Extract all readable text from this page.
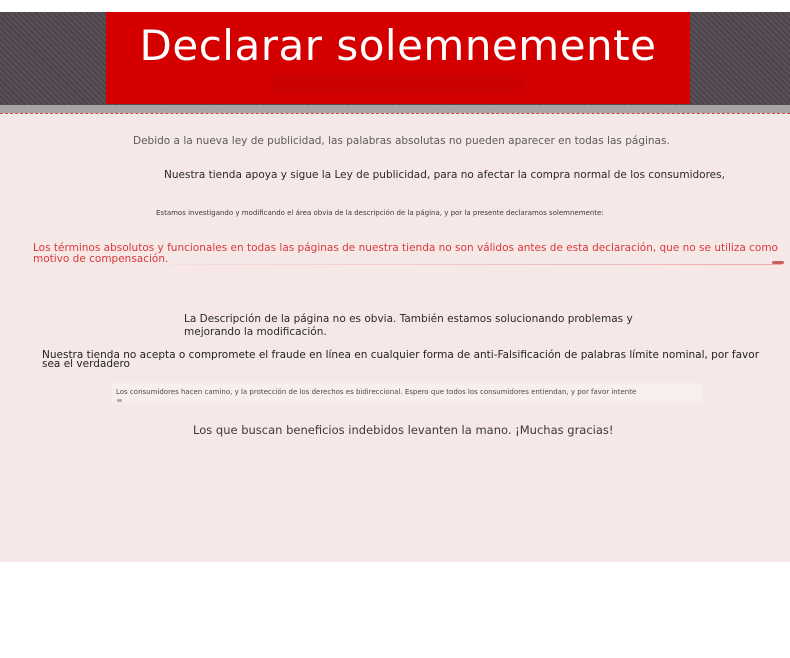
Declarar solemnemente
Debido a la nueva ley de publicidad, las palabras absolutas no pueden aparecer en todas las páginas.
Nuestra tienda apoya y sigue la Ley de publicidad, para no afectar la compra normal de los consumidores,
Estamos investigando y modificando el área obvia de la descripción de la página, y por la presente declaramos solemnemente:
Los términos absolutos y funcionales en todas las páginas de nuestra tienda no son válidos antes de esta declaración, que no se utiliza como motivo de compensación.
La Descripción de la página no es obvia. También estamos solucionando problemas y mejorando la modificación.
Nuestra tienda no acepta o compromete el fraude en línea en cualquier forma de anti-Falsificación de palabras límite nominal, por favor sea el verdadero
Los consumidores hacen camino, y la protección de los derechos es bidireccional. Espero que todos los consumidores entiendan, y por favor intente
Los que buscan beneficios indebidos levanten la mano. ¡Muchas gracias!
